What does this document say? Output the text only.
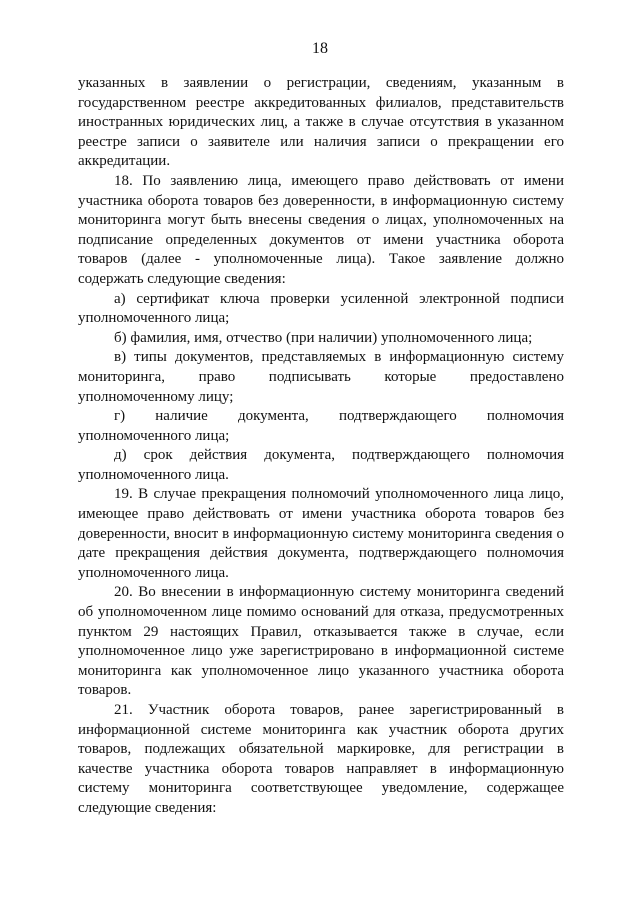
18

указанных в заявлении о регистрации, сведениям, указанным в государственном реестре аккредитованных филиалов, представительств иностранных юридических лиц, а также в случае отсутствия в указанном реестре записи о заявителе или наличия записи о прекращении его аккредитации.

18. По заявлению лица, имеющего право действовать от имени участника оборота товаров без доверенности, в информационную систему мониторинга могут быть внесены сведения о лицах, уполномоченных на подписание определенных документов от имени участника оборота товаров (далее - уполномоченные лица). Такое заявление должно содержать следующие сведения:

а) сертификат ключа проверки усиленной электронной подписи уполномоченного лица;

б) фамилия, имя, отчество (при наличии) уполномоченного лица;

в) типы документов, представляемых в информационную систему мониторинга, право подписывать которые предоставлено уполномоченному лицу;

г) наличие документа, подтверждающего полномочия уполномоченного лица;

д) срок действия документа, подтверждающего полномочия уполномоченного лица.

19. В случае прекращения полномочий уполномоченного лица лицо, имеющее право действовать от имени участника оборота товаров без доверенности, вносит в информационную систему мониторинга сведения о дате прекращения действия документа, подтверждающего полномочия уполномоченного лица.

20. Во внесении в информационную систему мониторинга сведений об уполномоченном лице помимо оснований для отказа, предусмотренных пунктом 29 настоящих Правил, отказывается также в случае, если уполномоченное лицо уже зарегистрировано в информационной системе мониторинга как уполномоченное лицо указанного участника оборота товаров.

21. Участник оборота товаров, ранее зарегистрированный в информационной системе мониторинга как участник оборота других товаров, подлежащих обязательной маркировке, для регистрации в качестве участника оборота товаров направляет в информационную систему мониторинга соответствующее уведомление, содержащее следующие сведения:
